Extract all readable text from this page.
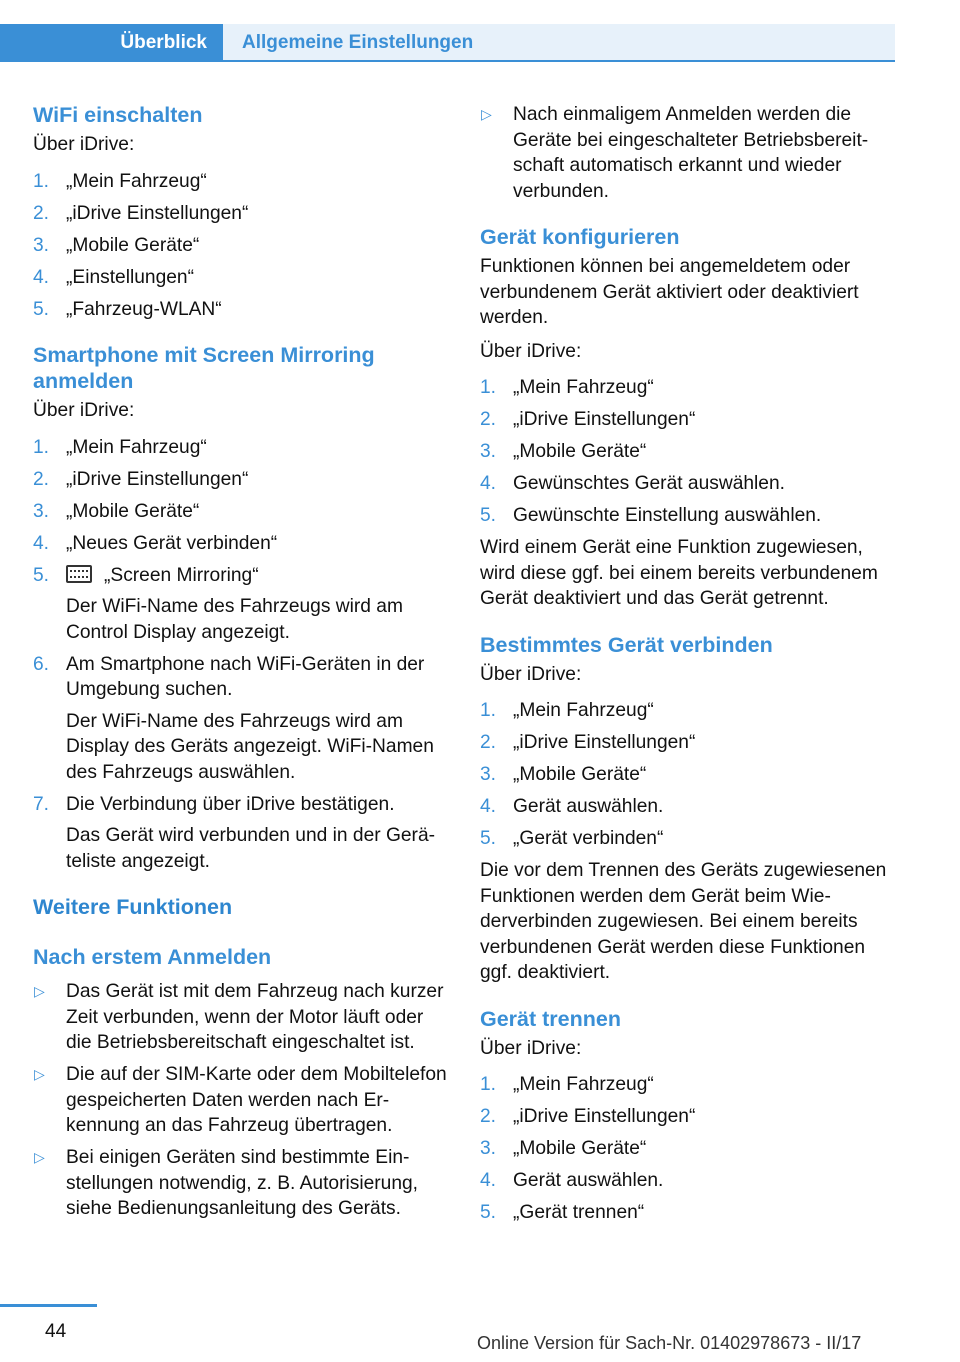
Überblick	Allgemeine Einstellungen
WiFi einschalten
Über iDrive:
1. „Mein Fahrzeug“
2. „iDrive Einstellungen“
3. „Mobile Geräte“
4. „Einstellungen“
5. „Fahrzeug-WLAN“
Smartphone mit Screen Mirroring anmelden
Über iDrive:
1. „Mein Fahrzeug“
2. „iDrive Einstellungen“
3. „Mobile Geräte“
4. „Neues Gerät verbinden“
5.	„Screen Mirroring“
Der WiFi-Name des Fahrzeugs wird am Control Display angezeigt.
6. Am Smartphone nach WiFi-Geräten in der Umgebung suchen.
Der WiFi-Name des Fahrzeugs wird am Display des Geräts angezeigt. WiFi-Namen des Fahrzeugs auswählen.
7. Die Verbindung über iDrive bestätigen.
Das Gerät wird verbunden und in der Geräteliste angezeigt.
Weitere Funktionen
Nach erstem Anmelden
▷ Das Gerät ist mit dem Fahrzeug nach kurzer Zeit verbunden, wenn der Motor läuft oder die Betriebsbereitschaft eingeschaltet ist.
▷ Die auf der SIM-Karte oder dem Mobiltelefon gespeicherten Daten werden nach Erkennung an das Fahrzeug übertragen.
▷ Bei einigen Geräten sind bestimmte Einstellungen notwendig, z. B. Autorisierung, siehe Bedienungsanleitung des Geräts.
▷ Nach einmaligem Anmelden werden die Geräte bei eingeschalteter Betriebsbereitschaft automatisch erkannt und wieder verbunden.
Gerät konfigurieren
Funktionen können bei angemeldetem oder verbundenem Gerät aktiviert oder deaktiviert werden.
Über iDrive:
1. „Mein Fahrzeug“
2. „iDrive Einstellungen“
3. „Mobile Geräte“
4. Gewünschtes Gerät auswählen.
5. Gewünschte Einstellung auswählen.
Wird einem Gerät eine Funktion zugewiesen, wird diese ggf. bei einem bereits verbundenem Gerät deaktiviert und das Gerät getrennt.
Bestimmtes Gerät verbinden
Über iDrive:
1. „Mein Fahrzeug“
2. „iDrive Einstellungen“
3. „Mobile Geräte“
4. Gerät auswählen.
5. „Gerät verbinden“
Die vor dem Trennen des Geräts zugewiesenen Funktionen werden dem Gerät beim Wiederverbinden zugewiesen. Bei einem bereits verbundenen Gerät werden diese Funktionen ggf. deaktiviert.
Gerät trennen
Über iDrive:
1. „Mein Fahrzeug“
2. „iDrive Einstellungen“
3. „Mobile Geräte“
4. Gerät auswählen.
5. „Gerät trennen“
44
Online Version für Sach-Nr. 01402978673 - II/17
